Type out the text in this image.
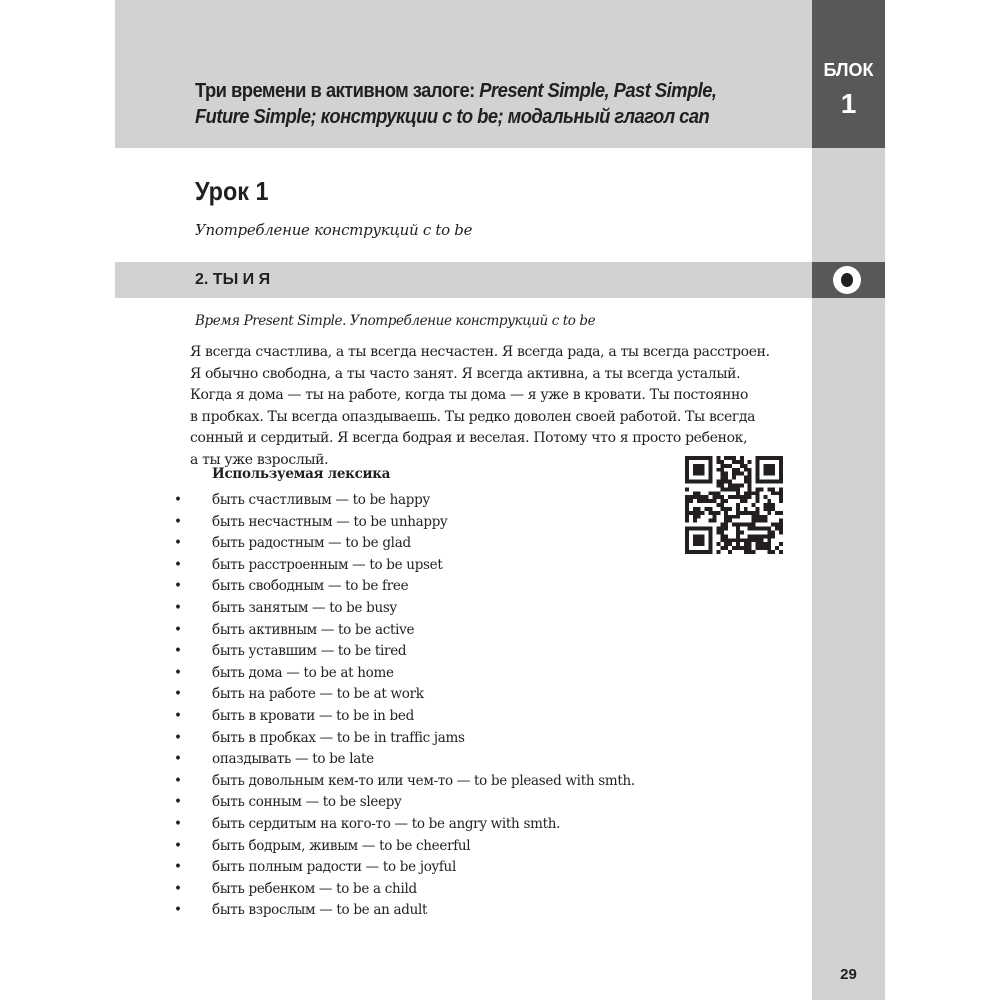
Три времени в активном залоге: Present Simple, Past Simple,
Future Simple; конструкции с to be; модальный глагол can
БЛОК
1
Урок 1
Употребление конструкций с to be
2. ТЫ И Я
Время Present Simple. Употребление конструкций с to be
Я всегда счастлива, а ты всегда несчастен. Я всегда рада, а ты всегда расстроен.
Я обычно свободна, а ты часто занят. Я всегда активна, а ты всегда усталый.
Когда я дома — ты на работе, когда ты дома — я уже в кровати. Ты постоянно
в пробках. Ты всегда опаздываешь. Ты редко доволен своей работой. Ты всегда
сонный и сердитый. Я всегда бодрая и веселая. Потому что я просто ребенок,
а ты уже взрослый.
Используемая лексика
• быть счастливым — to be happy
• быть несчастным — to be unhappy
• быть радостным — to be glad
• быть расстроенным — to be upset
• быть свободным — to be free
• быть занятым — to be busy
• быть активным — to be active
• быть уставшим — to be tired
• быть дома — to be at home
• быть на работе — to be at work
• быть в кровати — to be in bed
• быть в пробках — to be in traffic jams
• опаздывать — to be late
• быть довольным кем-то или чем-то — to be pleased with smth.
• быть сонным — to be sleepy
• быть сердитым на кого-то — to be angry with smth.
• быть бодрым, живым — to be cheerful
• быть полным радости — to be joyful
• быть ребенком — to be a child
• быть взрослым — to be an adult
29
